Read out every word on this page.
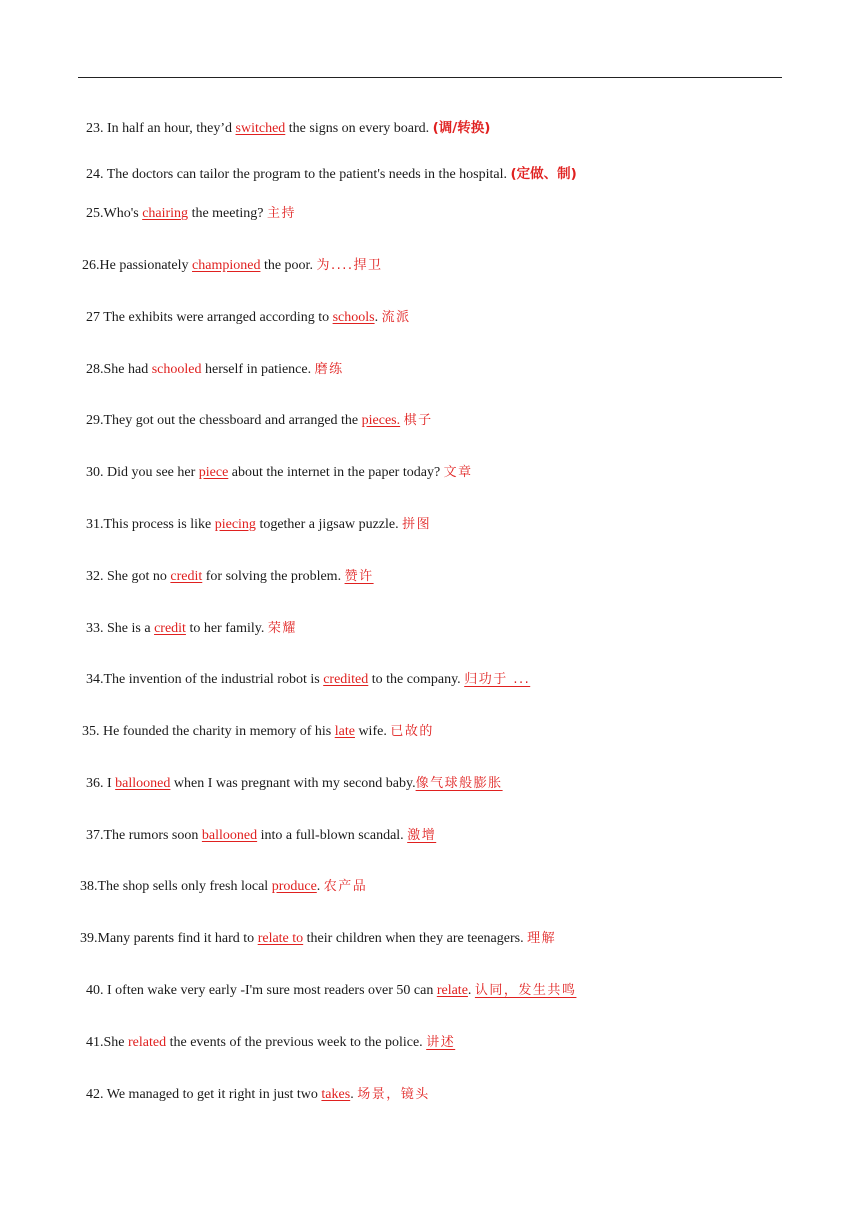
23. In half an hour, they’d switched the signs on every board. (调/转换)
24. The doctors can tailor the program to the patient's needs in the hospital. (定做、制)
25.Who's chairing the meeting? 主持
26.He passionately championed the poor. 为....捍卫
27 The exhibits were arranged according to schools. 流派
28.She had schooled herself in patience. 磨练
29.They got out the chessboard and arranged the pieces. 棋子
30. Did you see her piece about the internet in the paper today? 文章
31.This process is like piecing together a jigsaw puzzle. 拼图
32. She got no credit for solving the problem. 赞许
33. She is a credit to her family. 荣耀
34.The invention of the industrial robot is credited to the company. 归功于 ...
35. He founded the charity in memory of his late wife. 已故的
36. I ballooned when I was pregnant with my second baby.像气球般膨胀
37.The rumors soon ballooned into a full-blown scandal. 激增
38.The shop sells only fresh local produce. 农产品
39.Many parents find it hard to relate to their children when they are teenagers. 理解
40. I often wake very early -I'm sure most readers over 50 can relate. 认同，发生共鸣
41.She related the events of the previous week to the police. 讲述
42. We managed to get it right in just two takes. 场景，镜头
